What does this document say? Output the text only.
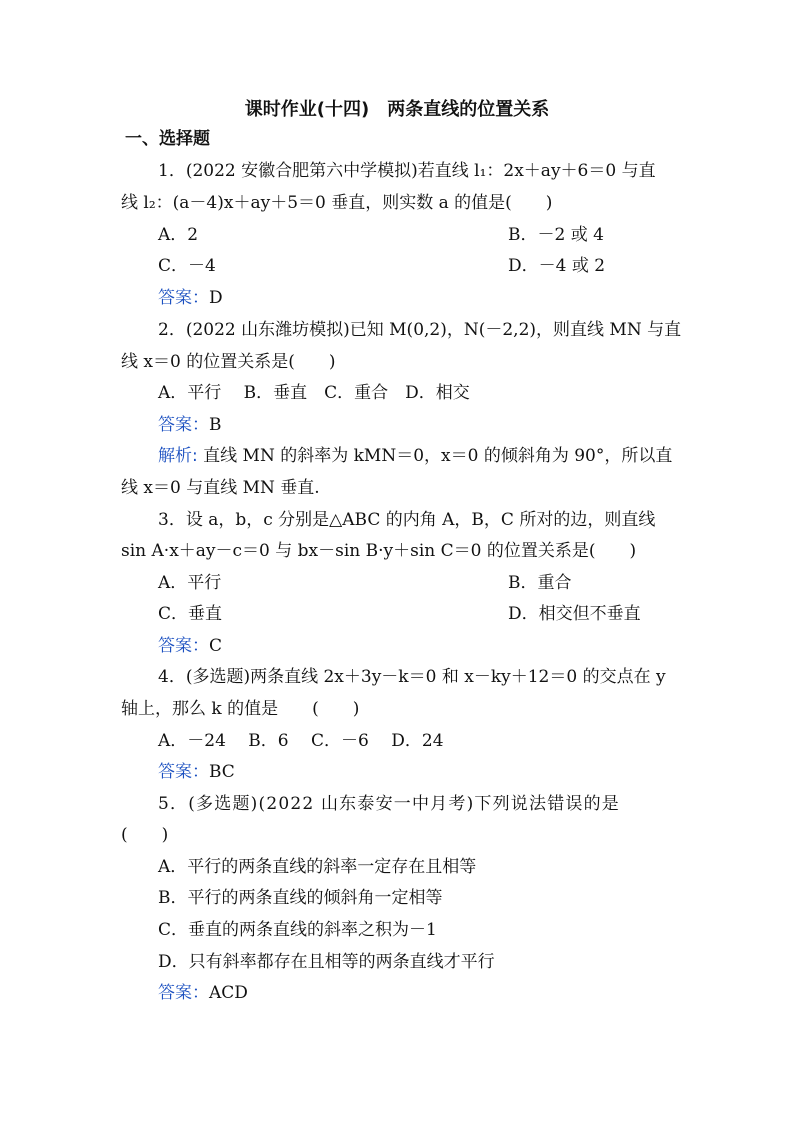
课时作业(十四)　两条直线的位置关系
一、选择题
1．(2022 安徽合肥第六中学模拟)若直线 l₁：2x＋ay＋6＝0 与直
线 l₂：(a－4)x＋ay＋5＝0 垂直，则实数 a 的值是(　　)
A．2	B．－2 或 4
C．－4	D．－4 或 2
答案：D
2．(2022 山东潍坊模拟)已知 M(0,2)，N(－2,2)，则直线 MN 与直
线 x＝0 的位置关系是(　　)
A．平行　 B．垂直　C．重合　D．相交
答案：B
解析: 直线 MN 的斜率为 kMN＝0，x＝0 的倾斜角为 90°，所以直
线 x＝0 与直线 MN 垂直.
3．设 a，b，c 分别是△ABC 的内角 A，B，C 所对的边，则直线
sin A·x＋ay－c＝0 与 bx－sin B·y＋sin C＝0 的位置关系是(　　)
A．平行	B．重合
C．垂直	D．相交但不垂直
答案：C
4．(多选题)两条直线 2x＋3y－k＝0 和 x－ky＋12＝0 的交点在 y
轴上，那么 k 的值是　　(　　)
A．－24　 B．6　 C．－6　 D．24
答案：BC
5．(多选题)(2022 山东泰安一中月考)下列说法错误的是
(　　)
A．平行的两条直线的斜率一定存在且相等
B．平行的两条直线的倾斜角一定相等
C．垂直的两条直线的斜率之积为－1
D．只有斜率都存在且相等的两条直线才平行
答案：ACD
